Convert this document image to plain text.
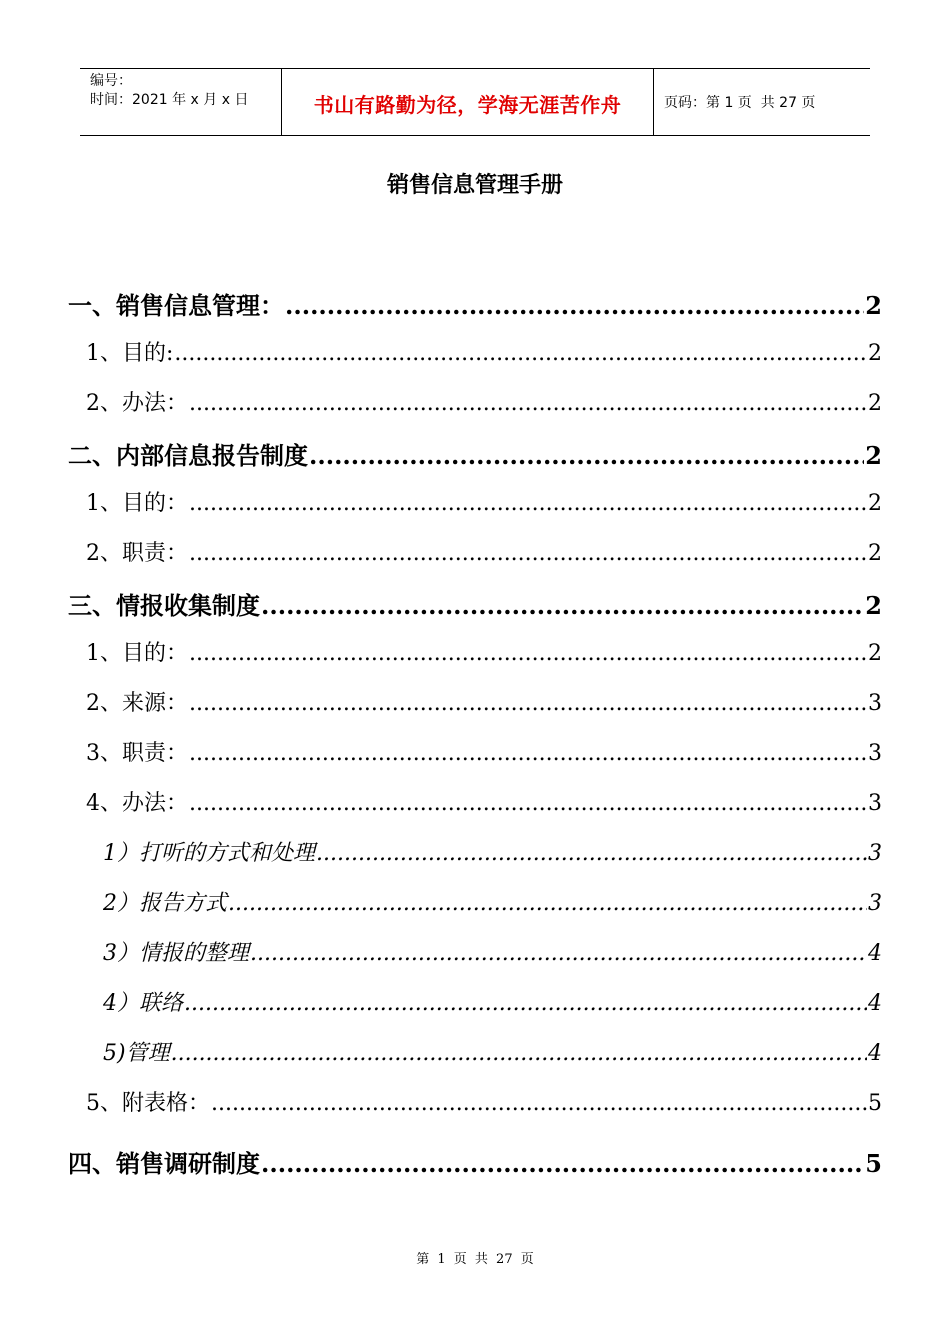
编号：
时间：2021 年 x 月 x 日	书山有路勤为径，学海无涯苦作舟	页码：第 1 页  共 27 页
销售信息管理手册
一、销售信息管理： .....	2
1、目的: .....	2
2、办法： .....	2
二、内部信息报告制度 .....	2
1、目的： .....	2
2、职责： .....	2
三、情报收集制度 .....	2
1、目的： .....	2
2、来源： .....	3
3、职责： .....	3
4、办法： .....	3
1）打听的方式和处理 .....	3
2）报告方式 .....	3
3）情报的整理 .....	4
4）联络 .....	4
5)管理 .....	4
5、附表格： .....	5
四、销售调研制度 .....	5
第 1 页 共 27 页
